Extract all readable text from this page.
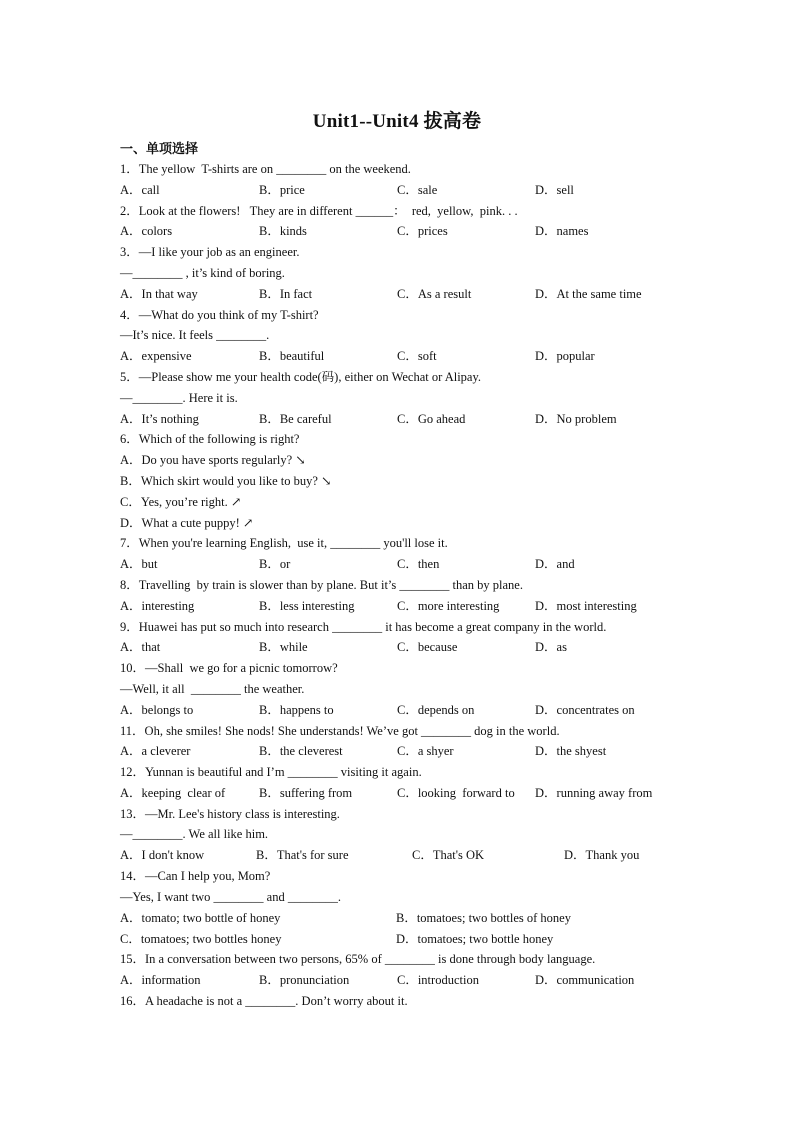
Unit1--Unit4 拔高卷
一、单项选择
1．The yellow  T-shirts are on ________ on the weekend.

A．call

	B．price

	C．sale

	D．sell

2．Look at the flowers!   They are in different ______：  red,  yellow,  pink. . .

A．colors

	B．kinds

	C．prices

	D．names

3．—I like your job as an engineer.
—________ , it’s kind of boring.

A．In that way

	B．In fact

	C．As a result

	D．At the same time

4．—What do you think of my T-shirt?
—It’s nice. It feels ________.

A．expensive

	B．beautiful

	C．soft

	D．popular

5．—Please show me your health code(码), either on Wechat or Alipay.
—________. Here it is.

A．It’s nothing

	B．Be careful

	C．Go ahead

	D．No problem

6．Which of the following is right?
A．Do you have sports regularly? ↘
B．Which skirt would you like to buy? ↘
C．Yes, you’re right. ↗
D．What a cute puppy! ↗
7．When you're learning English,  use it, ________ you'll lose it.

A．but

	B．or

	C．then

	D．and

8．Travelling  by train is slower than by plane. But it’s ________ than by plane.

A．interesting

	B．less interesting

	C．more interesting

	D．most interesting

9．Huawei has put so much into research ________ it has become a great company in the world.

A．that

	B．while

	C．because

	D．as

10．—Shall  we go for a picnic tomorrow?
—Well, it all  ________ the weather.

A．belongs to

	B．happens to

	C．depends on

	D．concentrates on

11．Oh, she smiles! She nods! She understands! We’ve got ________ dog in the world.

A．a cleverer

	B．the cleverest

	C．a shyer

	D．the shyest

12．Yunnan is beautiful and I’m ________ visiting it again.

A．keeping  clear of

	B．suffering from

	C．looking  forward to

D．running away from

13．—Mr. Lee's history class is interesting.
—________. We all like him.

A．I don't know

	B．That's for sure

	C．That's OK

	D．Thank you

14．—Can I help you, Mom?
—Yes, I want two ________ and ________.

A．tomato; two bottle of honey

	B．tomatoes; two bottles of honey

C．tomatoes; two bottles honey

	D．tomatoes; two bottle honey

15．In a conversation between two persons, 65% of ________ is done through body language.

A．information

	B．pronunciation

	C．introduction

	D．communication

16．A headache is not a ________. Don’t worry about it.
